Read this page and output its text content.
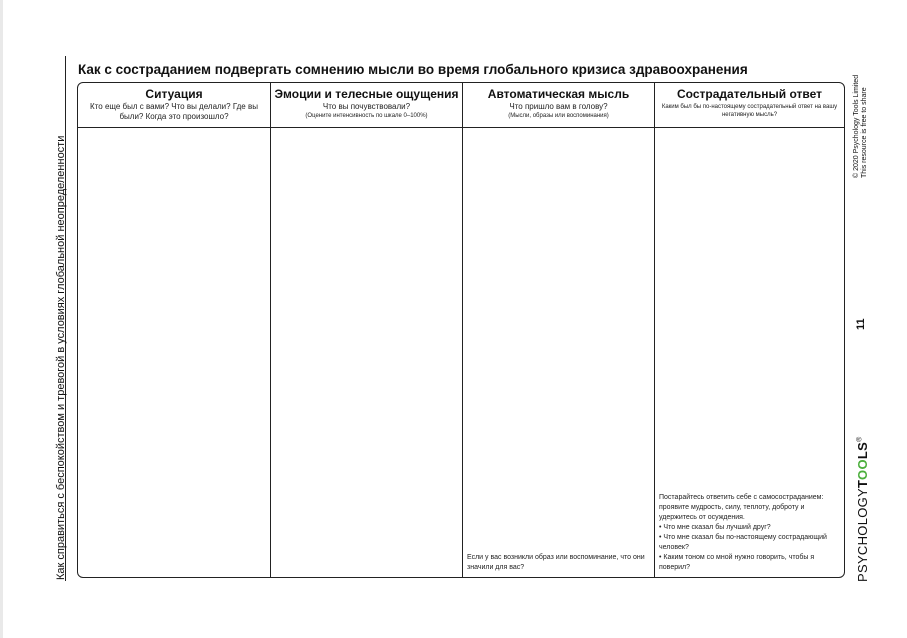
Как справиться с беспокойством и тревогой в условиях глобальной неопределенности
Как с состраданием подвергать сомнению мысли во время глобального кризиса здравоохранения
Ситуация
Кто еще был с вами? Что вы делали? Где вы были? Когда это произошло?
Эмоции и телесные ощущения
Что вы почувствовали?
(Оцените интенсивность по шкале 0–100%)
Автоматическая мысль
Что пришло вам в голову?
(Мысли, образы или воспоминания)
Если у вас возникли образ или воспоминание, что они значили для вас?
Сострадательный ответ
Каким был бы по-настоящему сострадательный ответ на вашу негативную мысль?
Постарайтесь ответить себе с самосостраданием: проявите мудрость, силу, теплоту, доброту и удержитесь от осуждения.
• Что мне сказал бы лучший друг?
• Что мне сказал бы по-настоящему сострадающий человек?
• Каким тоном со мной нужно говорить, чтобы я поверил?	PSYCHOLOGYTOOLS®
11
© 2020 Psychology Tools Limited This resource is free to share
